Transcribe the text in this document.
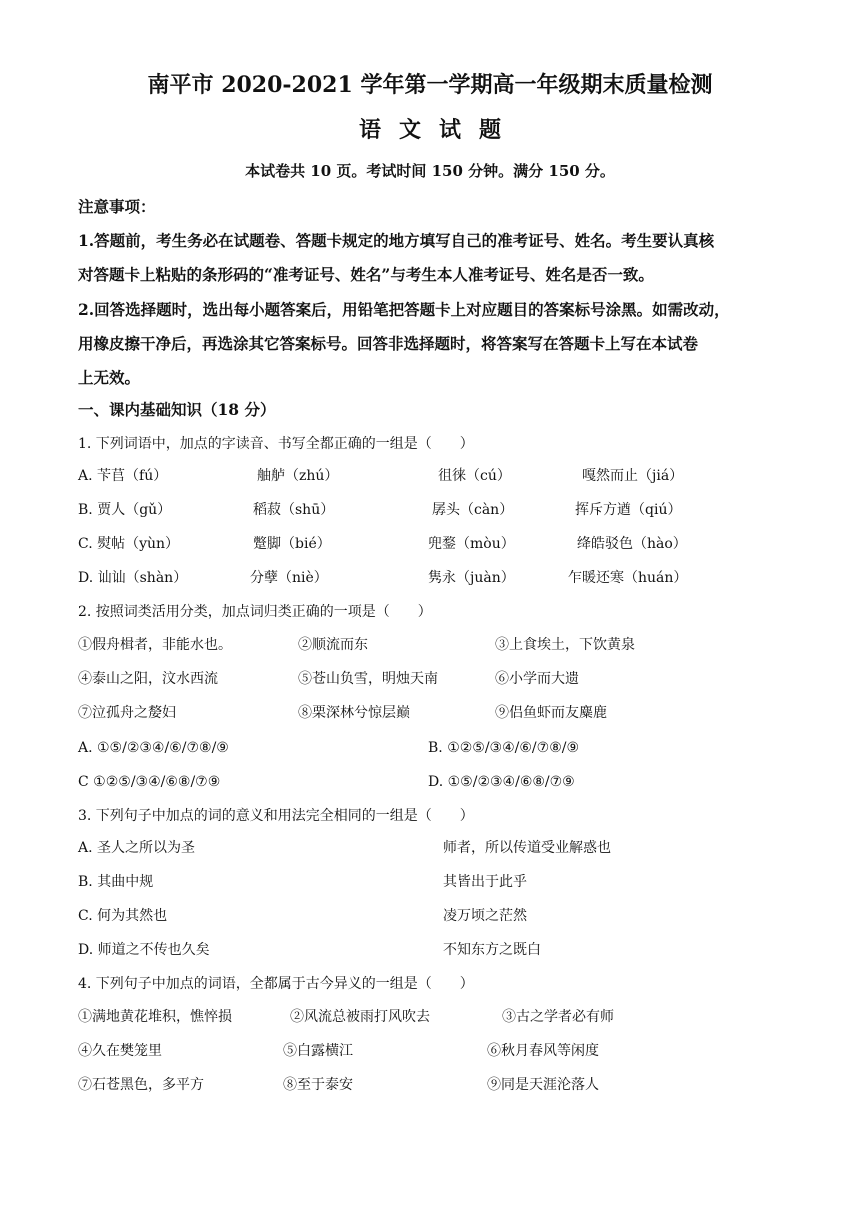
南平市 2020-2021 学年第一学期高一年级期末质量检测
语文试题
本试卷共 10 页。考试时间 150 分钟。满分 150 分。
注意事项：
1.答题前，考生务必在试题卷、答题卡规定的地方填写自己的准考证号、姓名。考生要认真核
对答题卡上粘贴的条形码的“准考证号、姓名”与考生本人准考证号、姓名是否一致。
2.回答选择题时，选出每小题答案后，用铅笔把答题卡上对应题目的答案标号涂黑。如需改动，
用橡皮擦干净后，再选涂其它答案标号。回答非选择题时，将答案写在答题卡上写在本试卷
上无效。
一、课内基础知识（18 分）
1. 下列词语中，加点的字读音、书写全都正确的一组是（　　）
A. 苄苢（fú）	舳舻（zhú）	徂徕（cú）	嘎然而止（jiá）
B. 贾人（gǔ）	稻菽（shū）	孱头（càn）	挥斥方遒（qiú）
C. 熨帖（yùn）	蹩脚（bié）	兜鍪（mòu）	绛皓驳色（hào）
D. 讪讪（shàn）	分孽（niè）	隽永（juàn）	乍暖还寒（huán）
2. 按照词类活用分类，加点词归类正确的一项是（　　）
①假舟楫者，非能水也。	②顺流而东	③上食埃土，下饮黄泉
④泰山之阳，汶水西流	⑤苍山负雪，明烛天南	⑥小学而大遗
⑦泣孤舟之嫠妇	⑧栗深林兮惊层巅	⑨侣鱼虾而友麋鹿
A. ①⑤/②③④/⑥/⑦⑧/⑨	B. ①②⑤/③④/⑥/⑦⑧/⑨
C ①②⑤/③④/⑥⑧/⑦⑨	D. ①⑤/②③④/⑥⑧/⑦⑨
3. 下列句子中加点的词的意义和用法完全相同的一组是（　　）
A. 圣人之所以为圣	师者，所以传道受业解惑也
B. 其曲中规	其皆出于此乎
C. 何为其然也	凌万顷之茫然
D. 师道之不传也久矣	不知东方之既白
4. 下列句子中加点的词语，全都属于古今异义的一组是（　　）
①满地黄花堆积，憔悴损	②风流总被雨打风吹去	③古之学者必有师
④久在樊笼里	⑤白露横江	⑥秋月春风等闲度
⑦石苍黑色，多平方	⑧至于泰安	⑨同是天涯沦落人
